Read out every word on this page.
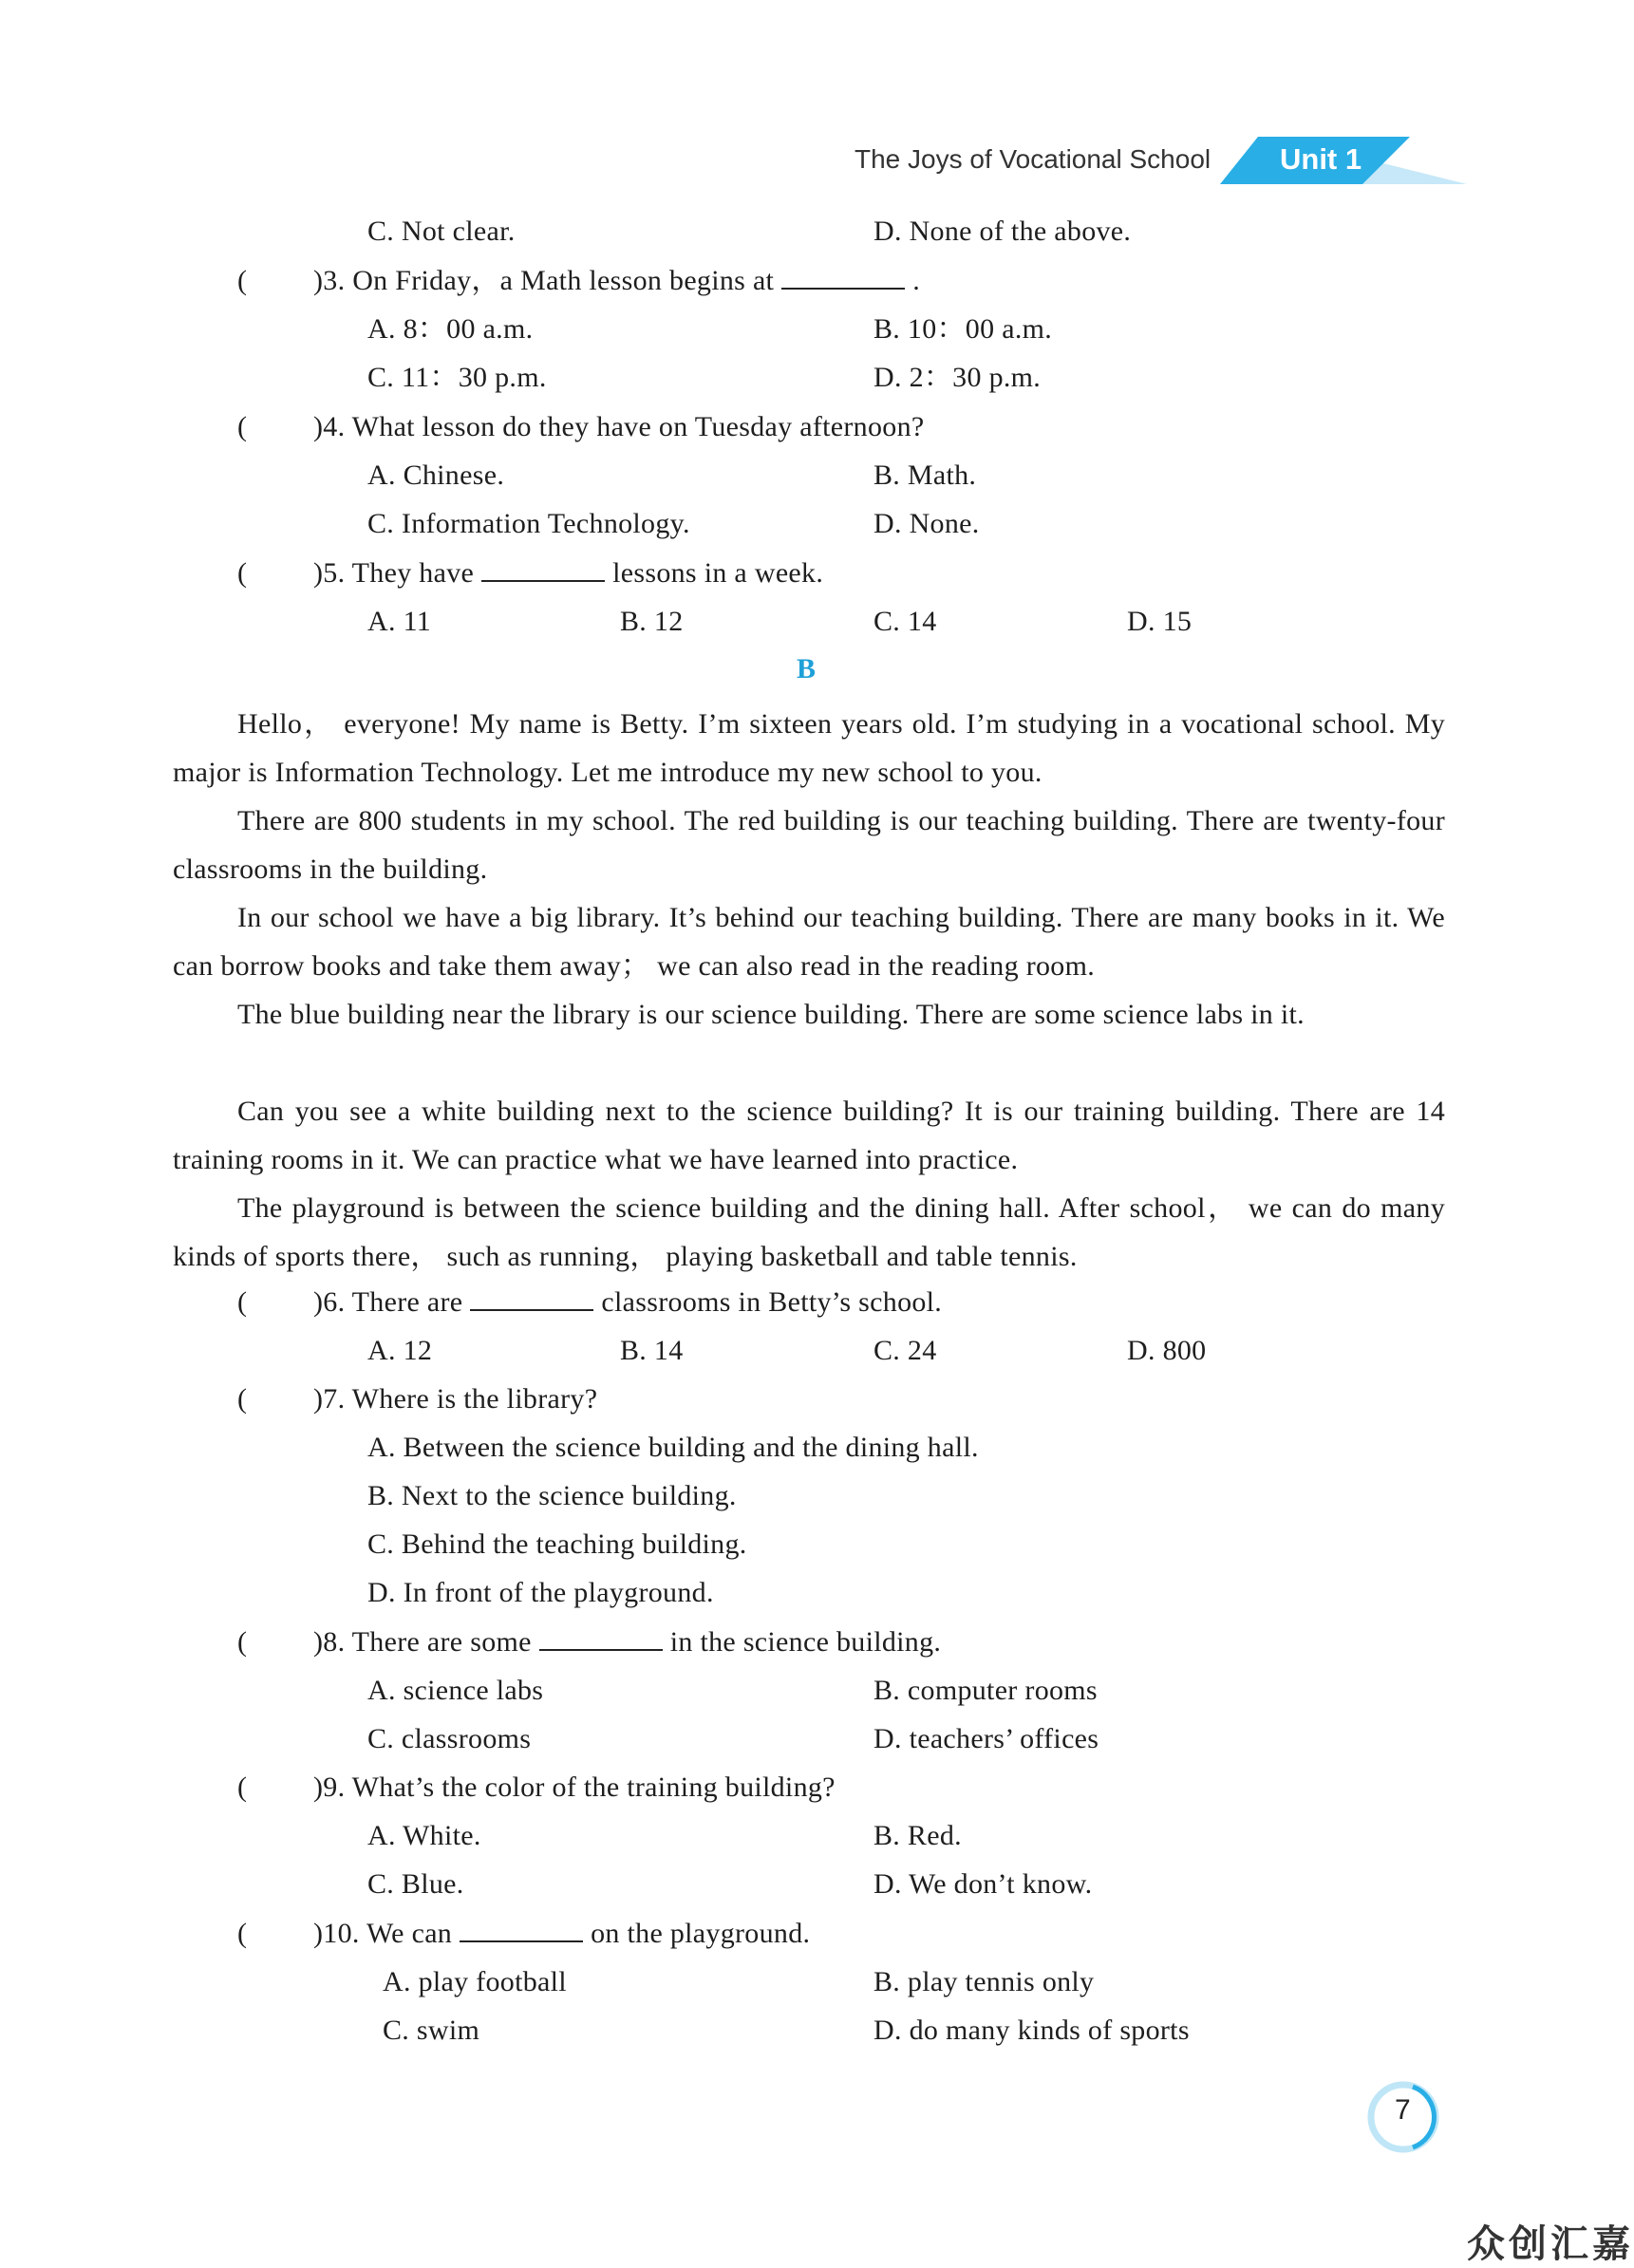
The Joys of Vocational School Unit 1
C. Not clear.	D. None of the above.
( )3. On Friday，a Math lesson begins at	.
A. 8：00 a.m.	B. 10：00 a.m.
C. 11：30 p.m.	D. 2：30 p.m.
( )4. What lesson do they have on Tuesday afternoon?
A. Chinese.	B. Math.
C. Information Technology.	D. None.
( )5. They have	lessons in a week.
A. 11	B. 12	C. 14	D. 15
B
Hello， everyone! My name is Betty. I’m sixteen years old. I’m studying in a vocational school. My major is Information Technology. Let me introduce my new school to you.
There are 800 students in my school. The red building is our teaching building. There are twenty-four classrooms in the building.
In our school we have a big library. It’s behind our teaching building. There are many books in it. We can borrow books and take them away； we can also read in the reading room.
The blue building near the library is our science building. There are some science labs in it.
Can you see a white building next to the science building? It is our training building. There are 14 training rooms in it. We can practice what we have learned into practice.
The playground is between the science building and the dining hall. After school， we can do many kinds of sports there， such as running， playing basketball and table tennis.
( )6. There are	classrooms in Betty’s school.
A. 12	B. 14	C. 24	D. 800
( )7. Where is the library?
A. Between the science building and the dining hall.
B. Next to the science building.
C. Behind the teaching building.
D. In front of the playground.
( )8. There are some	in the science building.
A. science labs	B. computer rooms
C. classrooms	D. teachers’ offices
( )9. What’s the color of the training building?
A. White.	B. Red.
C. Blue.	D. We don’t know.
( )10. We can	on the playground.
A. play football	B. play tennis only
C. swim	D. do many kinds of sports
7
众创汇嘉
